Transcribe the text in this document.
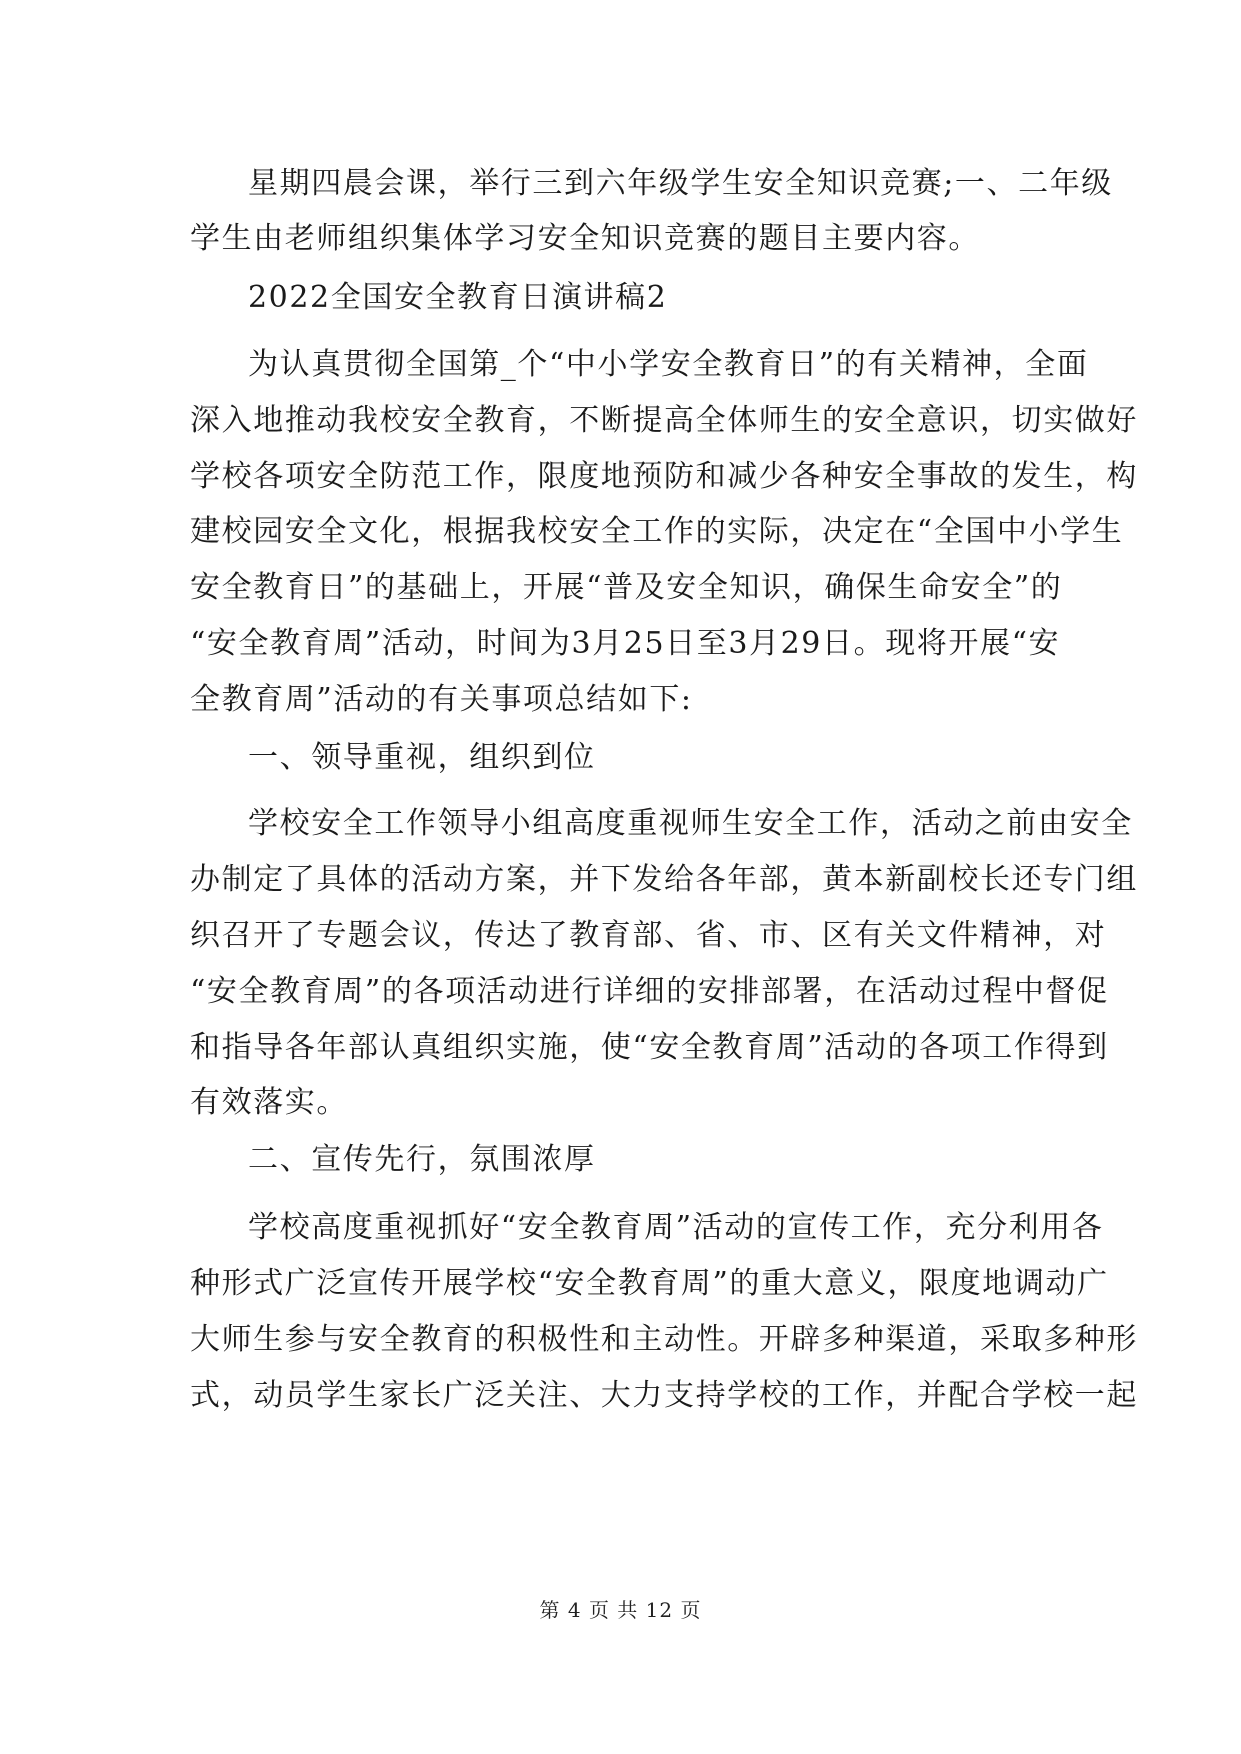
星期四晨会课，举行三到六年级学生安全知识竞赛;一、二年级
学生由老师组织集体学习安全知识竞赛的题目主要内容。
2022全国安全教育日演讲稿2
为认真贯彻全国第_个“中小学安全教育日”的有关精神，全面
深入地推动我校安全教育，不断提高全体师生的安全意识，切实做好
学校各项安全防范工作，限度地预防和减少各种安全事故的发生，构
建校园安全文化，根据我校安全工作的实际，决定在“全国中小学生
安全教育日”的基础上，开展“普及安全知识，确保生命安全”的
“安全教育周”活动，时间为3月25日至3月29日。现将开展“安
全教育周”活动的有关事项总结如下:
一、领导重视，组织到位
学校安全工作领导小组高度重视师生安全工作，活动之前由安全
办制定了具体的活动方案，并下发给各年部，黄本新副校长还专门组
织召开了专题会议，传达了教育部、省、市、区有关文件精神，对
“安全教育周”的各项活动进行详细的安排部署，在活动过程中督促
和指导各年部认真组织实施，使“安全教育周”活动的各项工作得到
有效落实。
二、宣传先行，氛围浓厚
学校高度重视抓好“安全教育周”活动的宣传工作，充分利用各
种形式广泛宣传开展学校“安全教育周”的重大意义，限度地调动广
大师生参与安全教育的积极性和主动性。开辟多种渠道，采取多种形
式，动员学生家长广泛关注、大力支持学校的工作，并配合学校一起
第 4 页 共 12 页
